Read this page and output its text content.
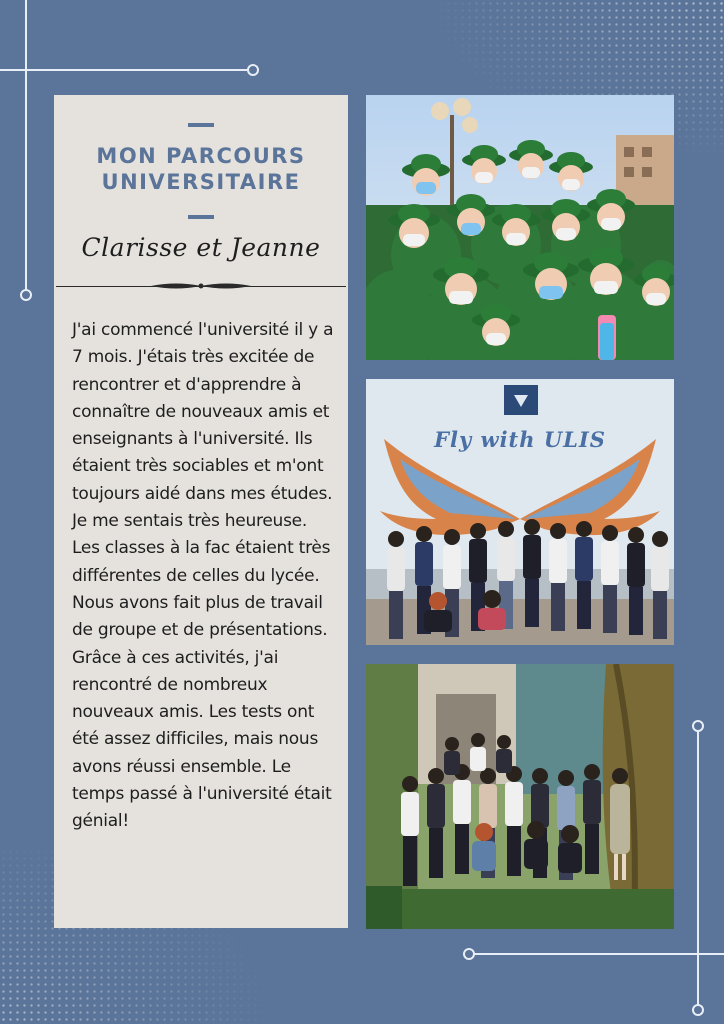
MON PARCOURS
UNIVERSITAIRE
Clarisse et Jeanne
J'ai commencé l'université il y a 7 mois. J'étais très excitée de rencontrer et d'apprendre à connaître de nouveaux amis et enseignants à l'université. Ils étaient très sociables et m'ont toujours aidé dans mes études. Je me sentais très heureuse. Les classes à la fac étaient très différentes de celles du lycée. Nous avons fait plus de travail de groupe et de présentations. Grâce à ces activités, j'ai rencontré de nombreux nouveaux amis. Les tests ont été assez difficiles, mais nous avons réussi ensemble. Le temps passé à l'université était génial!
Fly with ULIS
